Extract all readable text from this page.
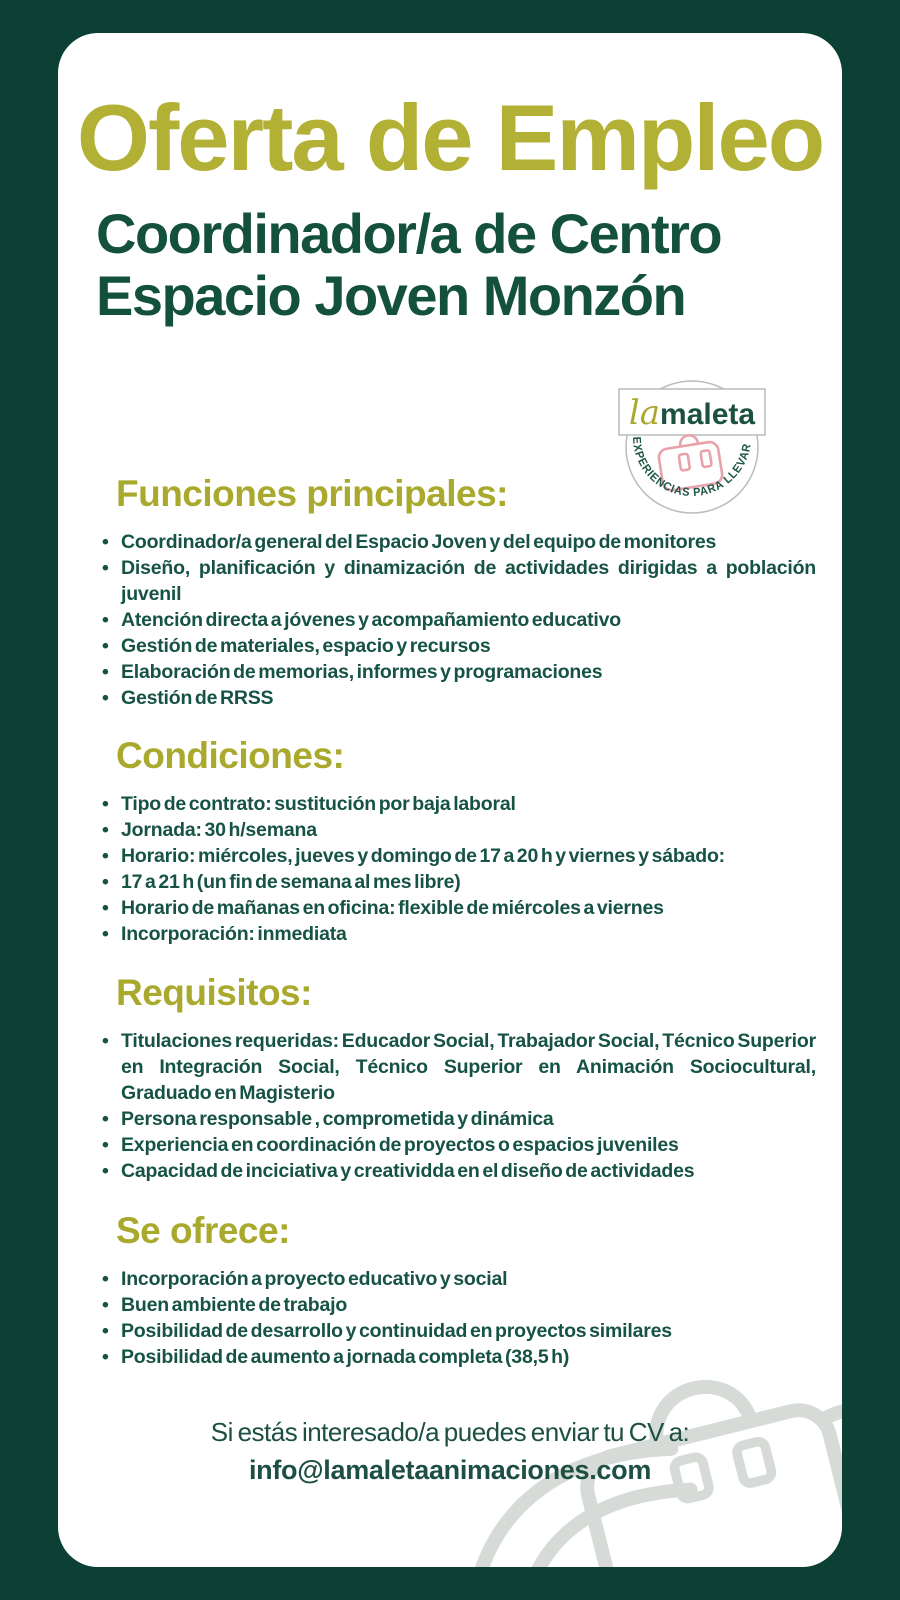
Oferta de Empleo
Coordinador/a de Centro
Espacio Joven Monzón
lamaleta
EXPERIENCIAS PARA LLEVAR
Funciones principales:
• Coordinador/a general del Espacio Joven y del equipo de monitores
• Diseño, planificación y dinamización de actividades dirigidas a población juvenil
• Atención directa a jóvenes y acompañamiento educativo
• Gestión de materiales, espacio y recursos
• Elaboración de memorias, informes y programaciones
• Gestión de RRSS
Condiciones:
• Tipo de contrato: sustitución por baja laboral
• Jornada: 30 h/semana
• Horario: miércoles, jueves y domingo de 17 a 20 h y viernes y sábado:
• 17 a 21 h (un fin de semana al mes libre)
• Horario de mañanas en oficina: flexible de miércoles a viernes
• Incorporación: inmediata
Requisitos:
• Titulaciones requeridas: Educador Social, Trabajador Social, Técnico Superior en Integración Social, Técnico Superior en Animación Sociocultural, Graduado en Magisterio
• Persona responsable , comprometida y dinámica
• Experiencia en coordinación de proyectos o espacios juveniles
• Capacidad de inciciativa y creatividda en el diseño de actividades
Se ofrece:
• Incorporación a proyecto educativo y social
• Buen ambiente de trabajo
• Posibilidad de desarrollo y continuidad en proyectos similares
• Posibilidad de aumento a jornada completa (38,5 h)
Si estás interesado/a puedes enviar tu CV a:
info@lamaletaanimaciones.com
